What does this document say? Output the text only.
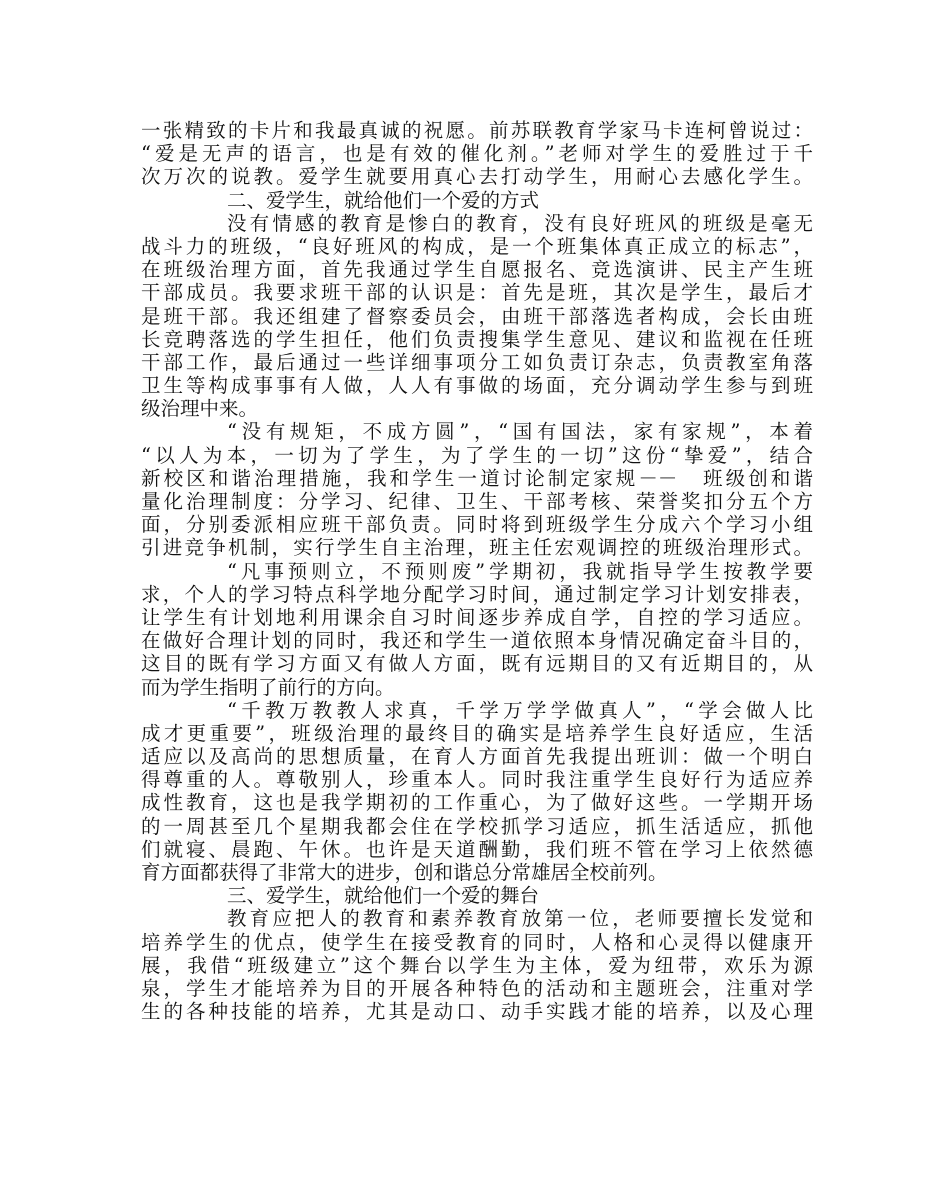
一张精致的卡片和我最真诚的祝愿。前苏联教育学家马卡连柯曾说过：
“爱是无声的语言，也是有效的催化剂。”老师对学生的爱胜过于千
次万次的说教。爱学生就要用真心去打动学生，用耐心去感化学生。
二、爱学生，就给他们一个爱的方式
没有情感的教育是惨白的教育，没有良好班风的班级是毫无
战斗力的班级，“良好班风的构成，是一个班集体真正成立的标志”，
在班级治理方面，首先我通过学生自愿报名、竞选演讲、民主产生班
干部成员。我要求班干部的认识是：首先是班，其次是学生，最后才
是班干部。我还组建了督察委员会，由班干部落选者构成，会长由班
长竞聘落选的学生担任，他们负责搜集学生意见、建议和监视在任班
干部工作，最后通过一些详细事项分工如负责订杂志，负责教室角落
卫生等构成事事有人做，人人有事做的场面，充分调动学生参与到班
级治理中来。
“没有规矩，不成方圆”，“国有国法，家有家规”，本着
“以人为本，一切为了学生，为了学生的一切”这份“挚爱”，结合
新校区和谐治理措施，我和学生一道讨论制定家规－－　班级创和谐
量化治理制度：分学习、纪律、卫生、干部考核、荣誉奖扣分五个方
面，分别委派相应班干部负责。同时将到班级学生分成六个学习小组
引进竞争机制，实行学生自主治理，班主任宏观调控的班级治理形式。
“凡事预则立，不预则废”学期初，我就指导学生按教学要
求，个人的学习特点科学地分配学习时间，通过制定学习计划安排表，
让学生有计划地利用课余自习时间逐步养成自学，自控的学习适应。
在做好合理计划的同时，我还和学生一道依照本身情况确定奋斗目的，
这目的既有学习方面又有做人方面，既有远期目的又有近期目的，从
而为学生指明了前行的方向。
“千教万教教人求真，千学万学学做真人”，“学会做人比
成才更重要”，班级治理的最终目的确实是培养学生良好适应，生活
适应以及高尚的思想质量，在育人方面首先我提出班训：做一个明白
得尊重的人。尊敬别人，珍重本人。同时我注重学生良好行为适应养
成性教育，这也是我学期初的工作重心，为了做好这些。一学期开场
的一周甚至几个星期我都会住在学校抓学习适应，抓生活适应，抓他
们就寝、晨跑、午休。也许是天道酬勤，我们班不管在学习上依然德
育方面都获得了非常大的进步，创和谐总分常雄居全校前列。
三、爱学生，就给他们一个爱的舞台
教育应把人的教育和素养教育放第一位，老师要擅长发觉和
培养学生的优点，使学生在接受教育的同时，人格和心灵得以健康开
展，我借“班级建立”这个舞台以学生为主体，爱为纽带，欢乐为源
泉，学生才能培养为目的开展各种特色的活动和主题班会，注重对学
生的各种技能的培养，尤其是动口、动手实践才能的培养，以及心理
